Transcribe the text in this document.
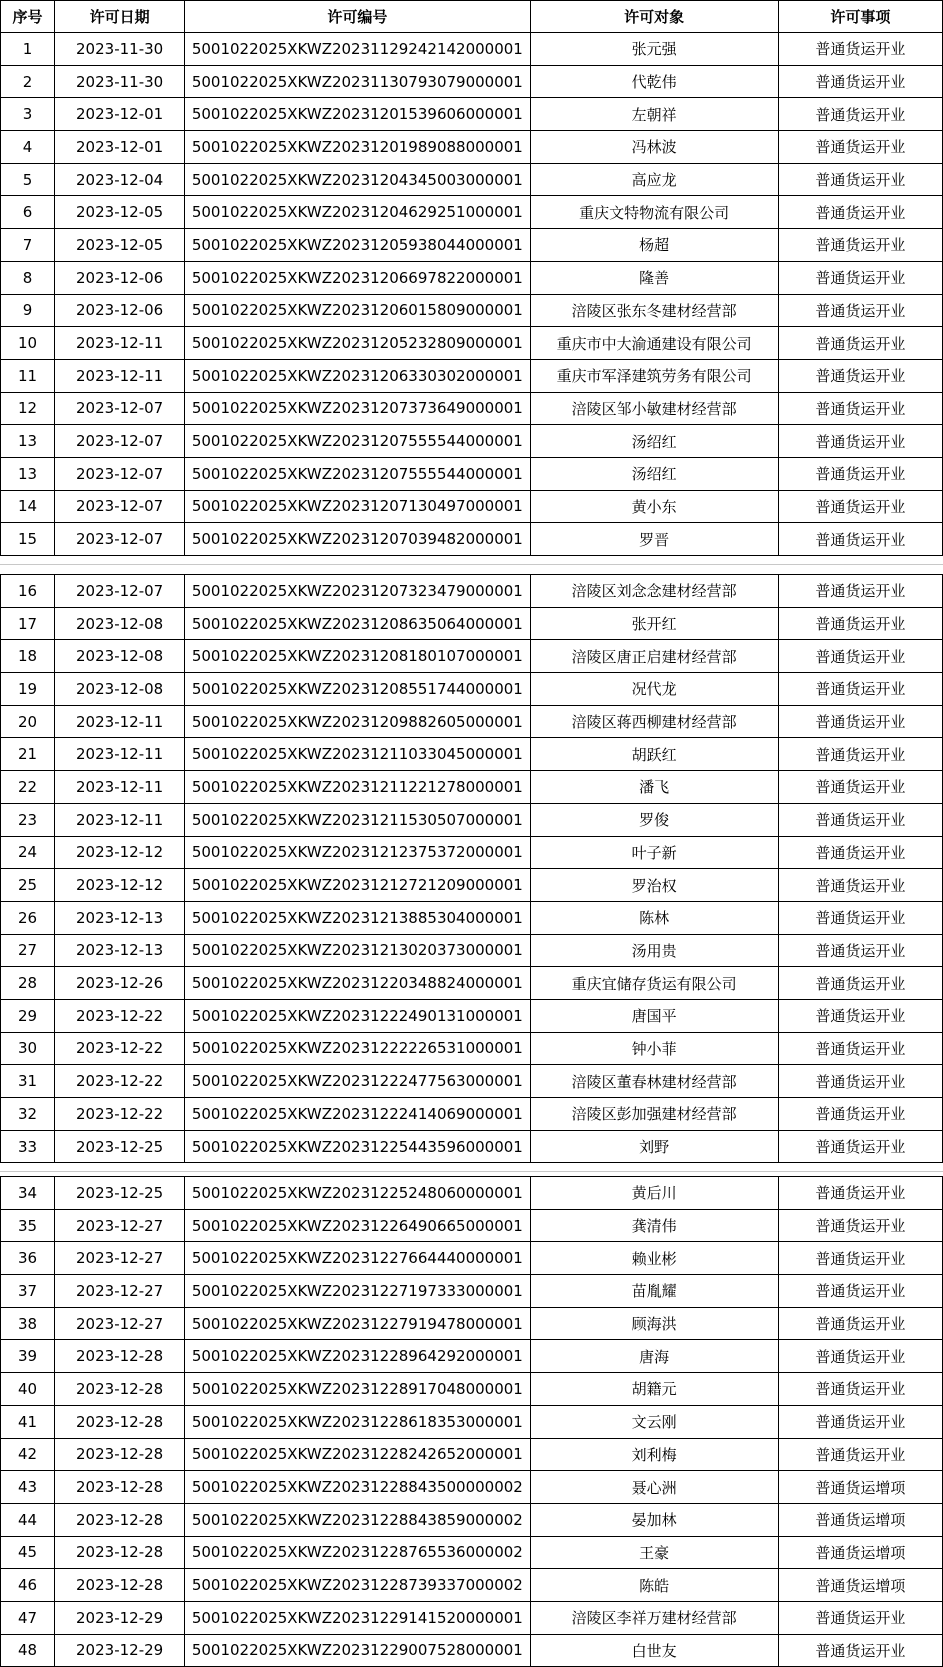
序号	许可日期	许可编号	许可对象	许可事项
1	2023-11-30	5001022025XKWZ20231129242142000001	张元强	普通货运开业
2	2023-11-30	5001022025XKWZ20231130793079000001	代乾伟	普通货运开业
3	2023-12-01	5001022025XKWZ20231201539606000001	左朝祥	普通货运开业
4	2023-12-01	5001022025XKWZ20231201989088000001	冯林波	普通货运开业
5	2023-12-04	5001022025XKWZ20231204345003000001	高应龙	普通货运开业
6	2023-12-05	5001022025XKWZ20231204629251000001	重庆文特物流有限公司	普通货运开业
7	2023-12-05	5001022025XKWZ20231205938044000001	杨超	普通货运开业
8	2023-12-06	5001022025XKWZ20231206697822000001	隆善	普通货运开业
9	2023-12-06	5001022025XKWZ20231206015809000001	涪陵区张东冬建材经营部	普通货运开业
10	2023-12-11	5001022025XKWZ20231205232809000001	重庆市中大渝通建设有限公司	普通货运开业
11	2023-12-11	5001022025XKWZ20231206330302000001	重庆市军泽建筑劳务有限公司	普通货运开业
12	2023-12-07	5001022025XKWZ20231207373649000001	涪陵区邹小敏建材经营部	普通货运开业
13	2023-12-07	5001022025XKWZ20231207555544000001	汤绍红	普通货运开业
13	2023-12-07	5001022025XKWZ20231207555544000001	汤绍红	普通货运开业
14	2023-12-07	5001022025XKWZ20231207130497000001	黄小东	普通货运开业
15	2023-12-07	5001022025XKWZ20231207039482000001	罗晋	普通货运开业
16	2023-12-07	5001022025XKWZ20231207323479000001	涪陵区刘念念建材经营部	普通货运开业
17	2023-12-08	5001022025XKWZ20231208635064000001	张开红	普通货运开业
18	2023-12-08	5001022025XKWZ20231208180107000001	涪陵区唐正启建材经营部	普通货运开业
19	2023-12-08	5001022025XKWZ20231208551744000001	况代龙	普通货运开业
20	2023-12-11	5001022025XKWZ20231209882605000001	涪陵区蒋西柳建材经营部	普通货运开业
21	2023-12-11	5001022025XKWZ20231211033045000001	胡跃红	普通货运开业
22	2023-12-11	5001022025XKWZ20231211221278000001	潘飞	普通货运开业
23	2023-12-11	5001022025XKWZ20231211530507000001	罗俊	普通货运开业
24	2023-12-12	5001022025XKWZ20231212375372000001	叶子新	普通货运开业
25	2023-12-12	5001022025XKWZ20231212721209000001	罗治权	普通货运开业
26	2023-12-13	5001022025XKWZ20231213885304000001	陈林	普通货运开业
27	2023-12-13	5001022025XKWZ20231213020373000001	汤用贵	普通货运开业
28	2023-12-26	5001022025XKWZ20231220348824000001	重庆宜储存货运有限公司	普通货运开业
29	2023-12-22	5001022025XKWZ20231222490131000001	唐国平	普通货运开业
30	2023-12-22	5001022025XKWZ20231222226531000001	钟小菲	普通货运开业
31	2023-12-22	5001022025XKWZ20231222477563000001	涪陵区董春林建材经营部	普通货运开业
32	2023-12-22	5001022025XKWZ20231222414069000001	涪陵区彭加强建材经营部	普通货运开业
33	2023-12-25	5001022025XKWZ20231225443596000001	刘野	普通货运开业
34	2023-12-25	5001022025XKWZ20231225248060000001	黄后川	普通货运开业
35	2023-12-27	5001022025XKWZ20231226490665000001	龚清伟	普通货运开业
36	2023-12-27	5001022025XKWZ20231227664440000001	赖业彬	普通货运开业
37	2023-12-27	5001022025XKWZ20231227197333000001	苗胤耀	普通货运开业
38	2023-12-27	5001022025XKWZ20231227919478000001	顾海洪	普通货运开业
39	2023-12-28	5001022025XKWZ20231228964292000001	唐海	普通货运开业
40	2023-12-28	5001022025XKWZ20231228917048000001	胡籍元	普通货运开业
41	2023-12-28	5001022025XKWZ20231228618353000001	文云刚	普通货运开业
42	2023-12-28	5001022025XKWZ20231228242652000001	刘利梅	普通货运开业
43	2023-12-28	5001022025XKWZ20231228843500000002	聂心洲	普通货运增项
44	2023-12-28	5001022025XKWZ20231228843859000002	晏加林	普通货运增项
45	2023-12-28	5001022025XKWZ20231228765536000002	王豪	普通货运增项
46	2023-12-28	5001022025XKWZ20231228739337000002	陈皓	普通货运增项
47	2023-12-29	5001022025XKWZ20231229141520000001	涪陵区李祥万建材经营部	普通货运开业
48	2023-12-29	5001022025XKWZ20231229007528000001	白世友	普通货运开业
